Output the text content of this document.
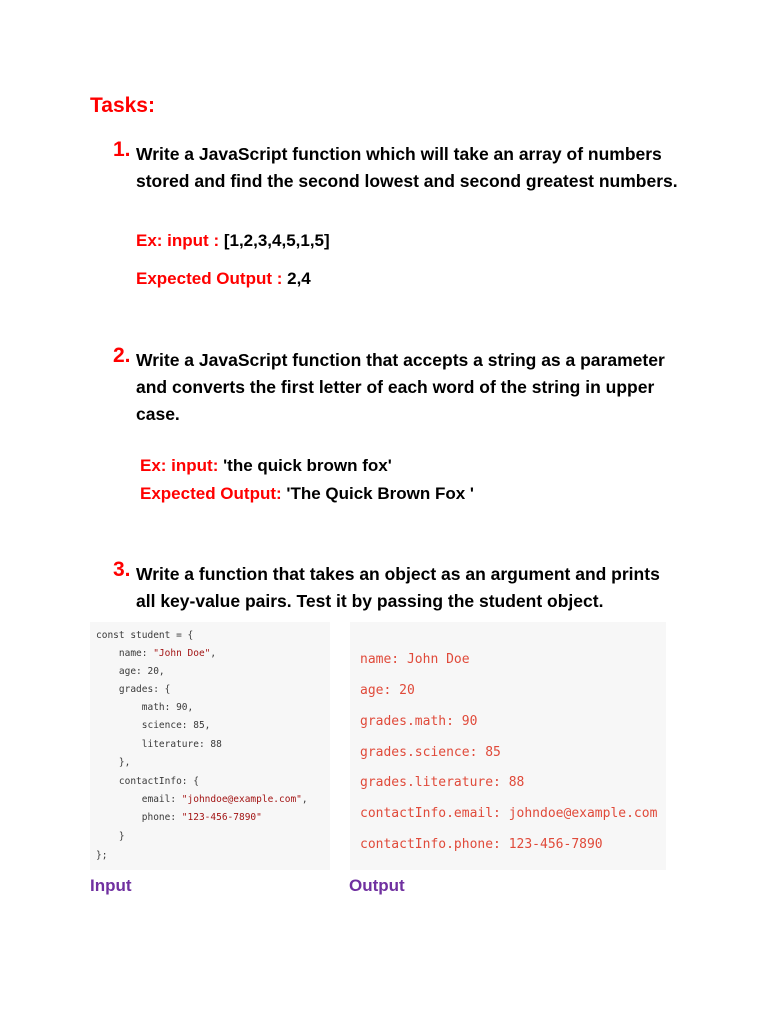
Tasks:
1. Write a JavaScript function which will take an array of numbers
stored and find the second lowest and second greatest numbers.
Ex: input : [1,2,3,4,5,1,5]
Expected Output : 2,4
2. Write a JavaScript function that accepts a string as a parameter
and converts the first letter of each word of the string in upper
case.
Ex: input: 'the quick brown fox'
Expected Output: 'The Quick Brown Fox '
3. Write a function that takes an object as an argument and prints
all key-value pairs. Test it by passing the student object.
const student = {
name: "John Doe",
age: 20,
grades: {
math: 90,
science: 85,
literature: 88
},
contactInfo: {
email: "johndoe@example.com",
phone: "123-456-7890"
}
};
name: John Doe
age: 20
grades.math: 90
grades.science: 85
grades.literature: 88
contactInfo.email: johndoe@example.com
contactInfo.phone: 123-456-7890
Input	Output
